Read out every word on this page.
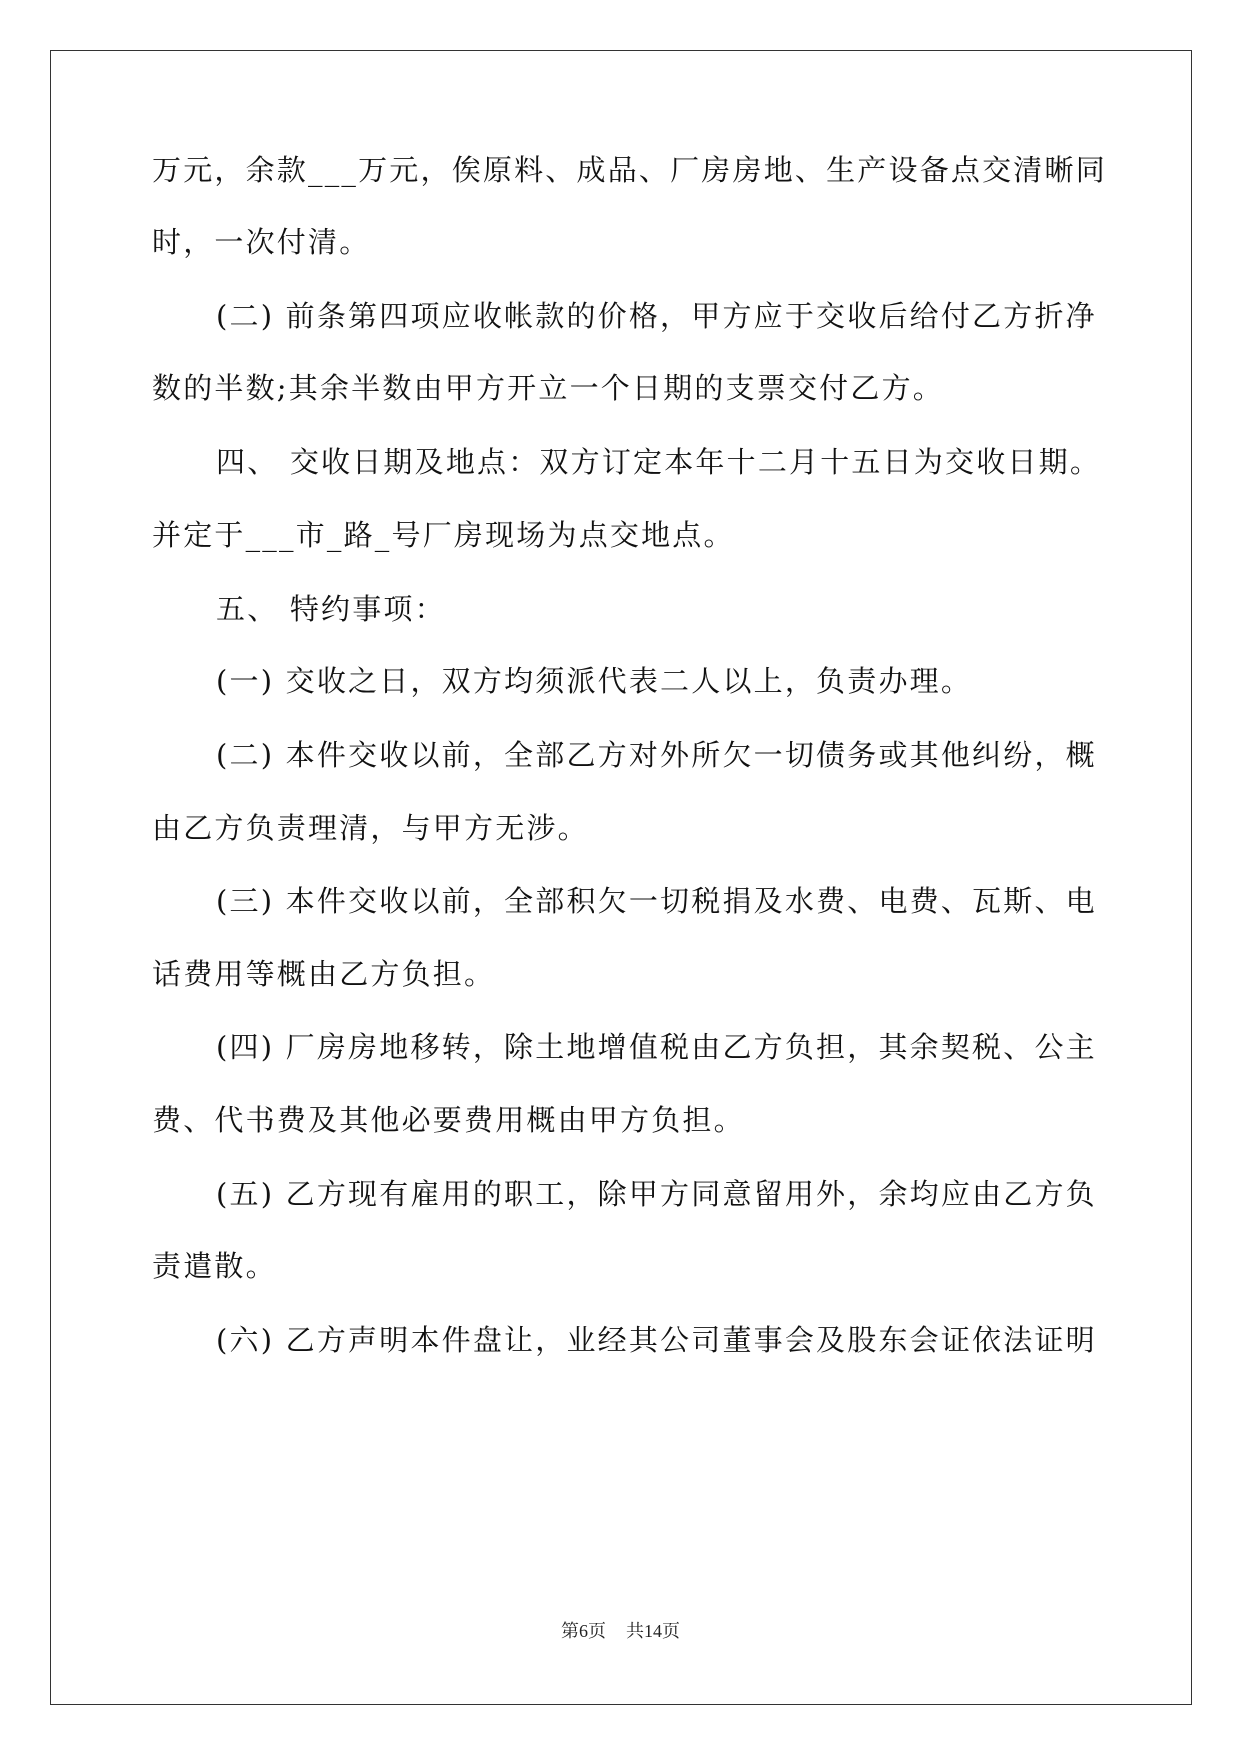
万元，余款___万元，俟原料、成品、厂房房地、生产设备点交清晰同
时，一次付清。
(二) 前条第四项应收帐款的价格，甲方应于交收后给付乙方折净
数的半数;其余半数由甲方开立一个日期的支票交付乙方。
四、 交收日期及地点：双方订定本年十二月十五日为交收日期。
并定于___市_路_号厂房现场为点交地点。
五、 特约事项：
(一) 交收之日，双方均须派代表二人以上，负责办理。
(二) 本件交收以前，全部乙方对外所欠一切债务或其他纠纷，概
由乙方负责理清，与甲方无涉。
(三) 本件交收以前，全部积欠一切税捐及水费、电费、瓦斯、电
话费用等概由乙方负担。
(四) 厂房房地移转，除土地增值税由乙方负担，其余契税、公主
费、代书费及其他必要费用概由甲方负担。
(五) 乙方现有雇用的职工，除甲方同意留用外，余均应由乙方负
责遣散。
(六) 乙方声明本件盘让，业经其公司董事会及股东会证依法证明
第6页 共14页
